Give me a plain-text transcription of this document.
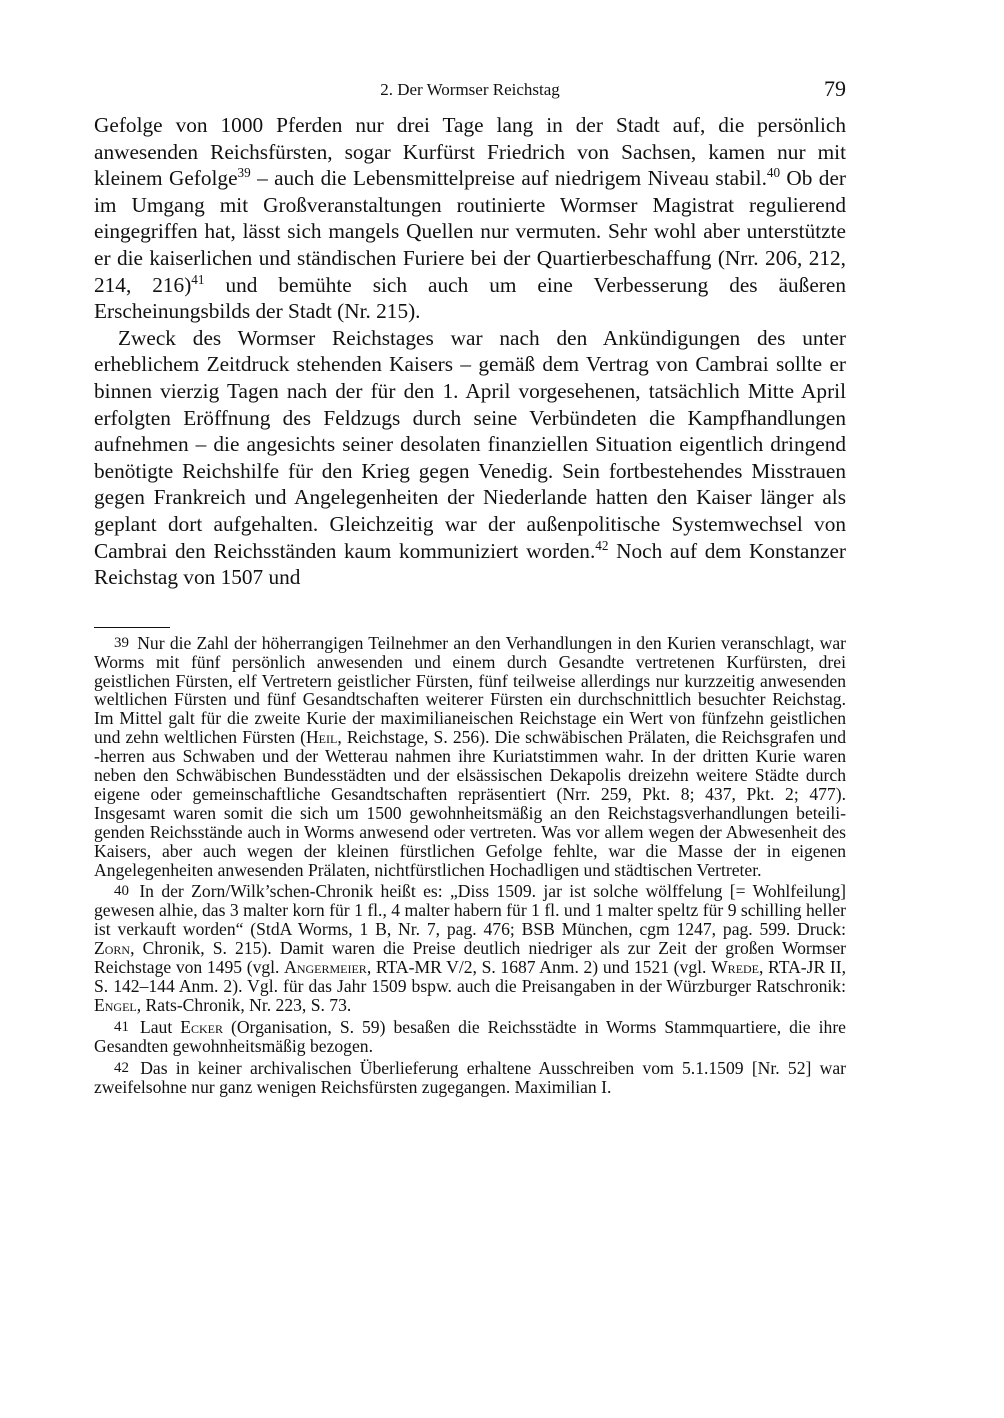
2. Der Wormser Reichstag	79

Gefolge von 1000 Pferden nur drei Tage lang in der Stadt auf, die persönlich anwesenden Reichsfürsten, sogar Kurfürst Friedrich von Sachsen, kamen nur mit kleinem Gefolge$^{39}$ – auch die Lebensmittelpreise auf niedrigem Niveau stabil.$^{40}$ Ob der im Umgang mit Großveranstaltungen routinierte Wormser Magistrat regulierend eingegriffen hat, lässt sich mangels Quellen nur vermuten. Sehr wohl aber unterstützte er die kaiserlichen und ständischen Furiere bei der Quartierbeschaffung (Nrr. 206, 212, 214, 216)$^{41}$ und bemühte sich auch um eine Verbesserung des äußeren Erscheinungsbilds der Stadt (Nr. 215).

Zweck des Wormser Reichstages war nach den Ankündigungen des unter erheblichem Zeitdruck stehenden Kaisers – gemäß dem Vertrag von Cambrai sollte er binnen vierzig Tagen nach der für den 1. April vorgesehenen, tatsächlich Mitte April erfolgten Eröffnung des Feldzugs durch seine Verbündeten die Kampfhandlungen aufnehmen – die angesichts seiner desolaten finanziellen Situation eigentlich dringend benötigte Reichshilfe für den Krieg gegen Venedig. Sein fortbestehendes Misstrauen gegen Frankreich und Angelegenheiten der Niederlande hatten den Kaiser länger als geplant dort aufgehalten. Gleichzeitig war der außenpolitische Systemwechsel von Cambrai den Reichsständen kaum kommuniziert worden.$^{42}$ Noch auf dem Konstanzer Reichstag von 1507 und

39 Nur die Zahl der höherrangigen Teilnehmer an den Verhandlungen in den Kurien veranschlagt, war Worms mit fünf persönlich anwesenden und einem durch Gesandte vertretenen Kurfürsten, drei geistlichen Fürsten, elf Vertretern geistlicher Fürsten, fünf teilweise allerdings nur kurzzeitig anwesenden weltlichen Fürsten und fünf Gesandtschaften weiterer Fürsten ein durchschnittlich besuchter Reichstag. Im Mittel galt für die zweite Kurie der maximilianeischen Reichstage ein Wert von fünfzehn geistlichen und zehn weltlichen Fürsten (Heil, Reichstage, S. 256). Die schwäbischen Prälaten, die Reichsgrafen und -herren aus Schwaben und der Wetterau nahmen ihre Kuriatstimmen wahr. In der dritten Kurie waren neben den Schwäbischen Bundesstädten und der elsässischen Dekapolis dreizehn weitere Städte durch eigene oder gemeinschaftliche Gesandtschaften repräsentiert (Nrr. 259, Pkt. 8; 437, Pkt. 2; 477). Insgesamt waren somit die sich um 1500 gewohnheitsmäßig an den Reichstagsverhandlungen beteiligenden Reichsstände auch in Worms anwesend oder vertreten. Was vor allem wegen der Abwesenheit des Kaisers, aber auch wegen der kleinen fürstlichen Gefolge fehlte, war die Masse der in eigenen Angelegenheiten anwesenden Prälaten, nichtfürstlichen Hochadligen und städtischen Vertreter.

40 In der Zorn/Wilk’schen-Chronik heißt es: „Diss 1509. jar ist solche wölffelung [= Wohlfeilung] gewesen alhie, das 3 malter korn für 1 fl., 4 malter habern für 1 fl. und 1 malter speltz für 9 schilling heller ist verkauft worden“ (StdA Worms, 1 B, Nr. 7, pag. 476; BSB München, cgm 1247, pag. 599. Druck: Zorn, Chronik, S. 215). Damit waren die Preise deutlich niedriger als zur Zeit der großen Wormser Reichstage von 1495 (vgl. Angermeier, RTA-MR V/2, S. 1687 Anm. 2) und 1521 (vgl. Wrede, RTA-JR II, S. 142–144 Anm. 2). Vgl. für das Jahr 1509 bspw. auch die Preisangaben in der Würzburger Ratschronik: Engel, Rats-Chronik, Nr. 223, S. 73.

41 Laut Ecker (Organisation, S. 59) besaßen die Reichsstädte in Worms Stammquartiere, die ihre Gesandten gewohnheitsmäßig bezogen.

42 Das in keiner archivalischen Überlieferung erhaltene Ausschreiben vom 5.1.1509 [Nr. 52] war zweifelsohne nur ganz wenigen Reichsfürsten zugegangen. Maximilian I.
